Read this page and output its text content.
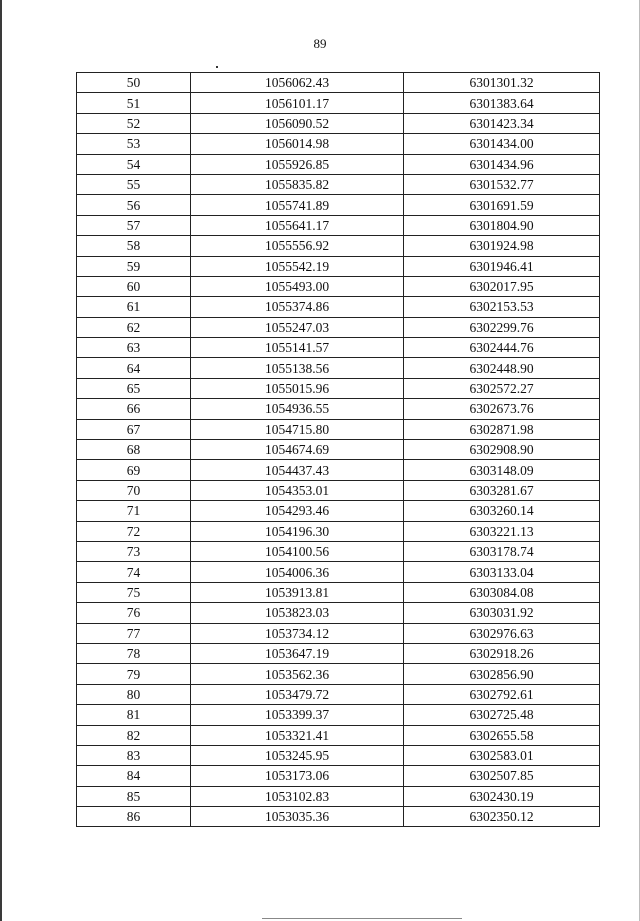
89
50	1056062.43	6301301.32
51	1056101.17	6301383.64
52	1056090.52	6301423.34
53	1056014.98	6301434.00
54	1055926.85	6301434.96
55	1055835.82	6301532.77
56	1055741.89	6301691.59
57	1055641.17	6301804.90
58	1055556.92	6301924.98
59	1055542.19	6301946.41
60	1055493.00	6302017.95
61	1055374.86	6302153.53
62	1055247.03	6302299.76
63	1055141.57	6302444.76
64	1055138.56	6302448.90
65	1055015.96	6302572.27
66	1054936.55	6302673.76
67	1054715.80	6302871.98
68	1054674.69	6302908.90
69	1054437.43	6303148.09
70	1054353.01	6303281.67
71	1054293.46	6303260.14
72	1054196.30	6303221.13
73	1054100.56	6303178.74
74	1054006.36	6303133.04
75	1053913.81	6303084.08
76	1053823.03	6303031.92
77	1053734.12	6302976.63
78	1053647.19	6302918.26
79	1053562.36	6302856.90
80	1053479.72	6302792.61
81	1053399.37	6302725.48
82	1053321.41	6302655.58
83	1053245.95	6302583.01
84	1053173.06	6302507.85
85	1053102.83	6302430.19
86	1053035.36	6302350.12
